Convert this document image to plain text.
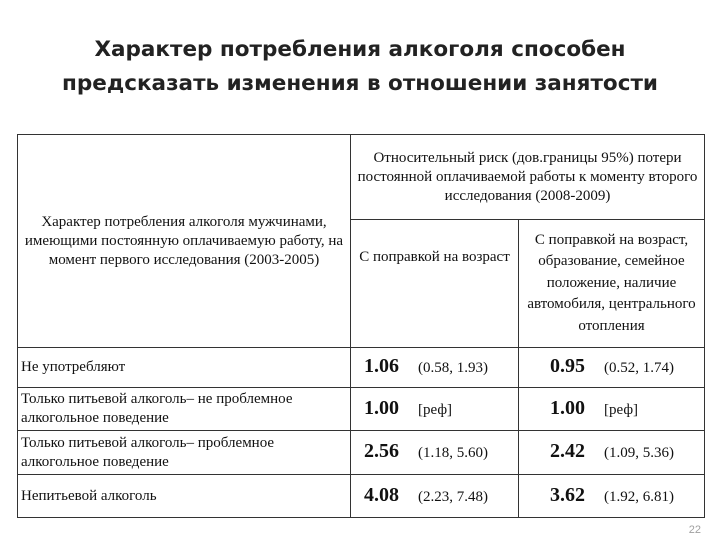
Характер потребления алкоголя способен
предсказать изменения в отношении занятости
Характер потребления алкоголя мужчинами, имеющими постоянную оплачиваемую работу, на момент первого исследования (2003-2005)	Относительный риск (дов.границы 95%) потери постоянной оплачиваемой работы к моменту второго исследования (2008-2009)	
	С поправкой на возраст	С поправкой на возраст, образование, семейное положение, наличие автомобиля, центрального отопления
Не употребляют	1.06 (0.58, 1.93)	0.95 (0.52, 1.74)

Только питьевой алкоголь– не проблемное алкогольное поведение	1.00 [реф]	1.00 [реф]

Только питьевой алкоголь– проблемное алкогольное поведение	2.56 (1.18, 5.60)	2.42 (1.09, 5.36)

Непитьевой алкоголь	4.08 (2.23, 7.48)	3.62 (1.92, 6.81)
22
